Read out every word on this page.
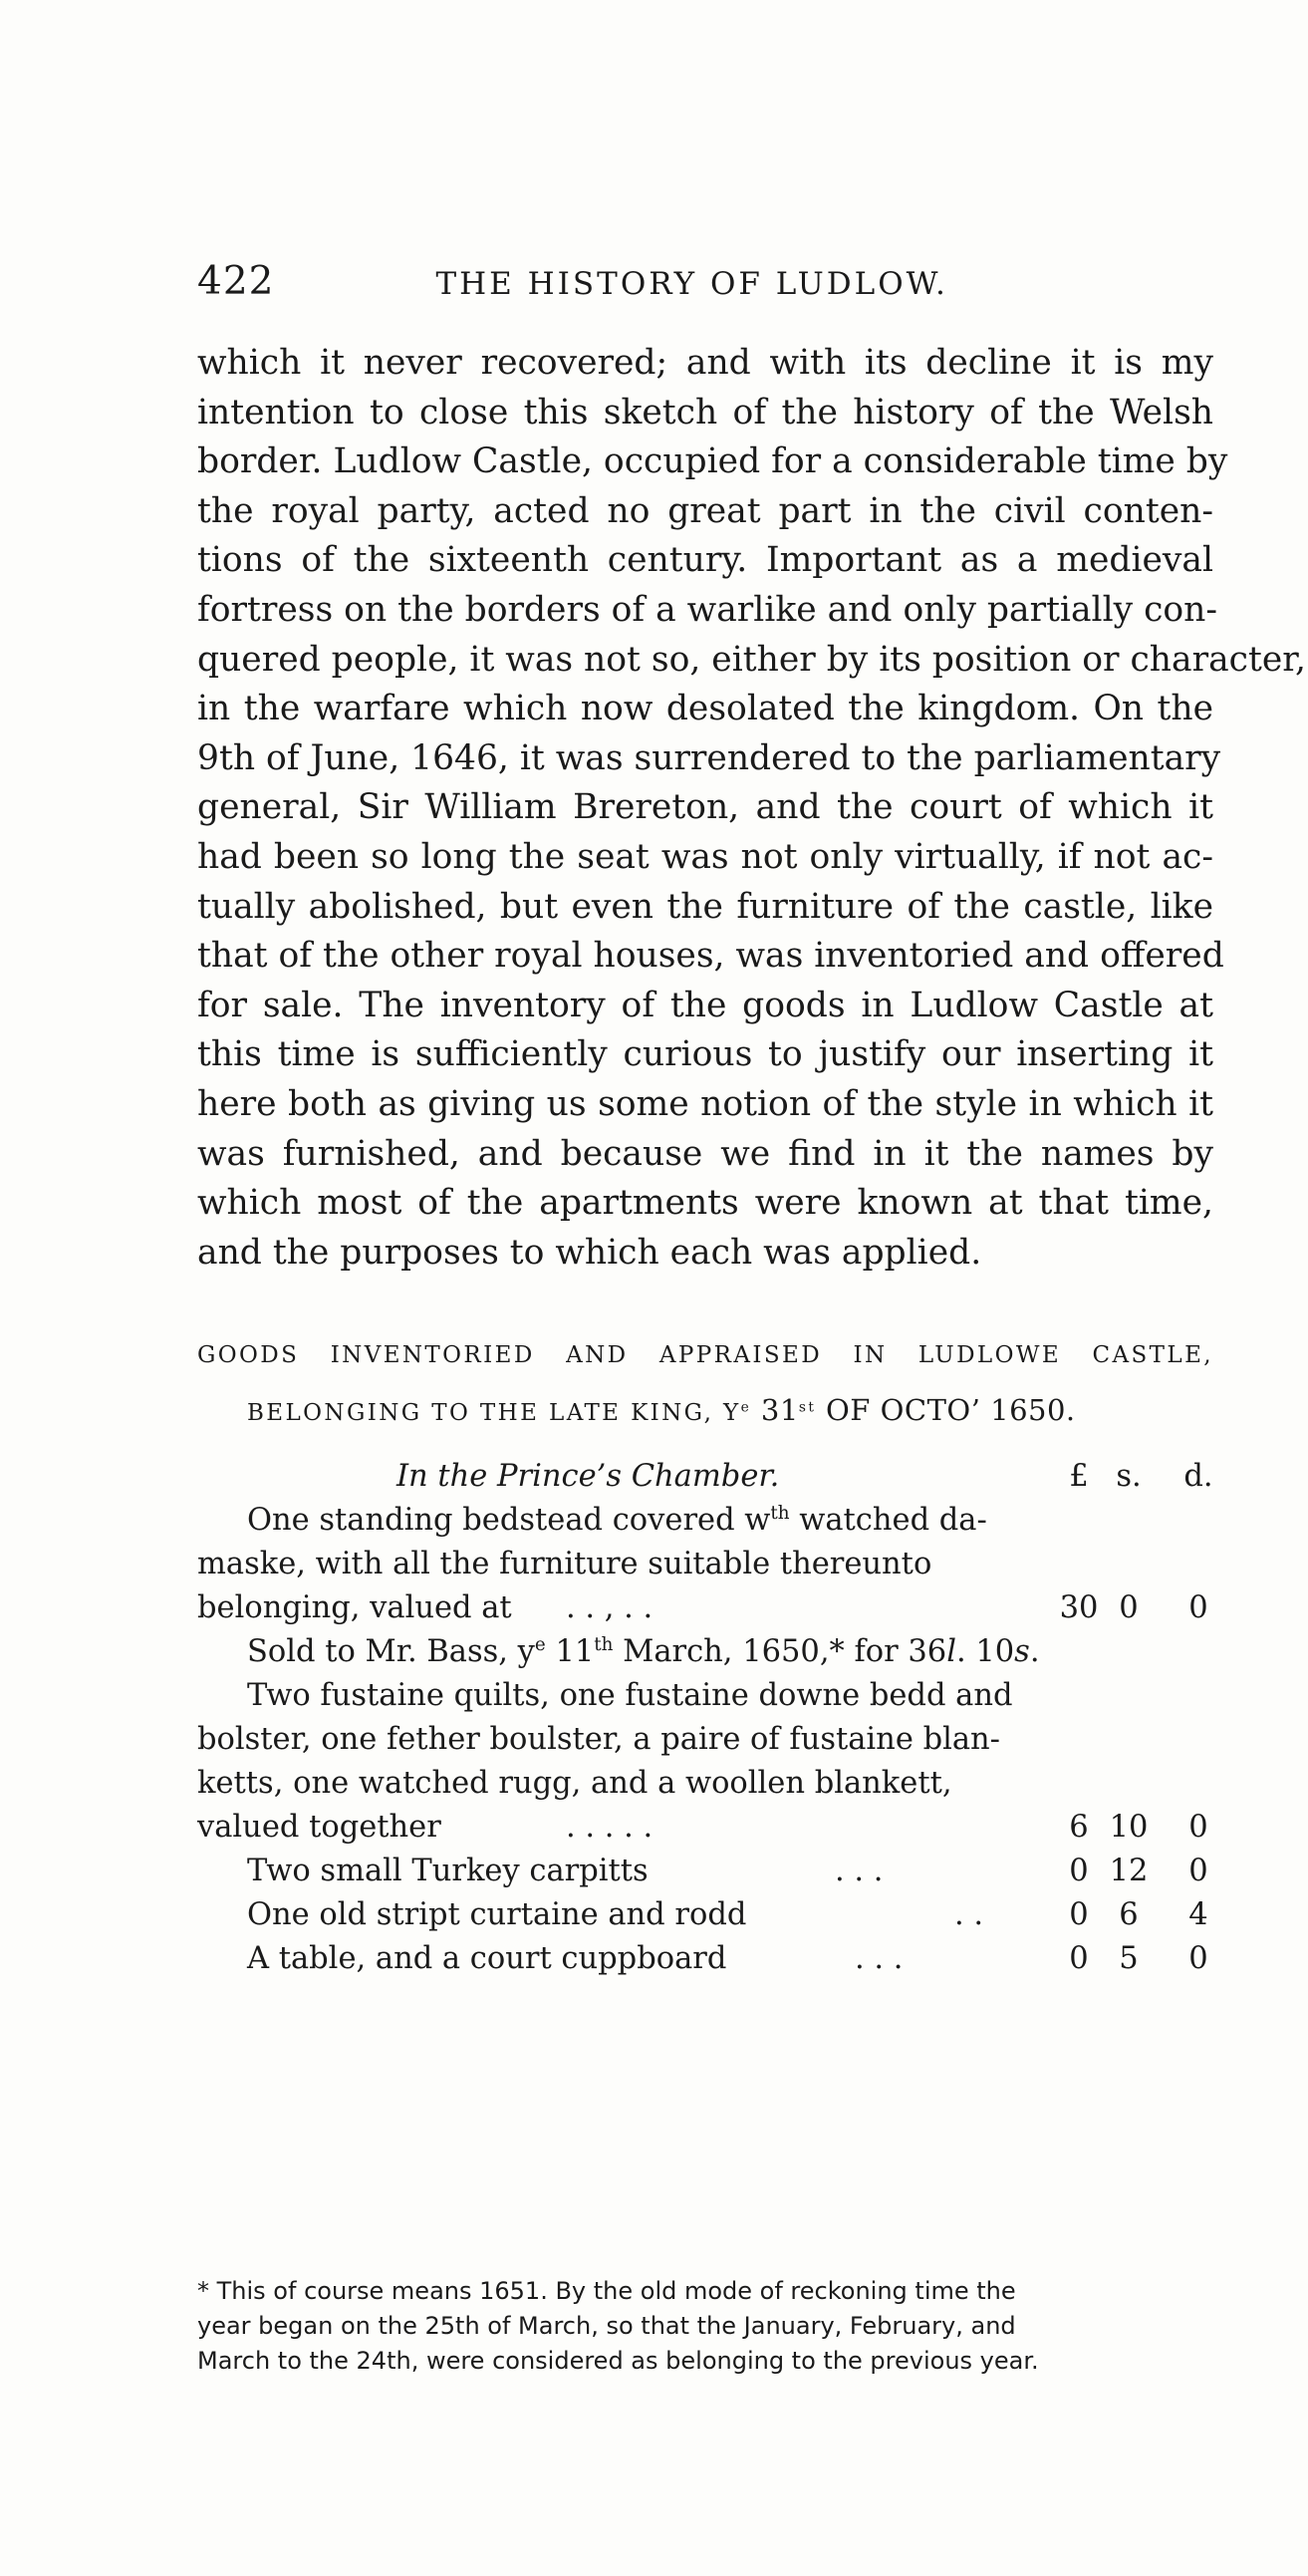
422	THE HISTORY OF LUDLOW.

which it never recovered; and with its decline it is my

intention to close this sketch of the history of the Welsh

border. Ludlow Castle, occupied for a considerable time by

the royal party, acted no great part in the civil conten-

tions of the sixteenth century. Important as a medieval

fortress on the borders of a warlike and only partially con-

quered people, it was not so, either by its position or character,

in the warfare which now desolated the kingdom. On the

9th of June, 1646, it was surrendered to the parliamentary

general, Sir William Brereton, and the court of which it

had been so long the seat was not only virtually, if not ac-

tually abolished, but even the furniture of the castle, like

that of the other royal houses, was inventoried and offered

for sale. The inventory of the goods in Ludlow Castle at

this time is sufficiently curious to justify our inserting it

here both as giving us some notion of the style in which it

was furnished, and because we find in it the names by

which most of the apartments were known at that time,

and the purposes to which each was applied.

GOODS INVENTORIED AND APPRAISED IN LUDLOWE CASTLE,
BELONGING TO THE LATE KING, $Y^e$ 31st OF OCTO’ 1650.
In the Prince’s Chamber.	£ s. d.
One standing bedstead covered $w^{th}$ watched da-
maske, with all the furniture suitable thereunto
belonging, valued at . . , . .	30 0	0
Sold to Mr. Bass, $y^e$ 11th March, 1650,* for 36l. 10s.
Two fustaine quilts, one fustaine downe bedd and
bolster, one fether boulster, a paire of fustaine blan-
ketts, one watched rugg, and a woollen blankett,
valued together	. . . . .	6 10 0
Two small Turkey carpitts	. . .	0 12 0
One old stript curtaine and rodd	. .	0	6	4
A table, and a court cuppboard	. . .	0	5	0

* This of course means 1651. By the old mode of reckoning time the

year began on the 25th of March, so that the January, February, and

March to the 24th, were considered as belonging to the previous year.
